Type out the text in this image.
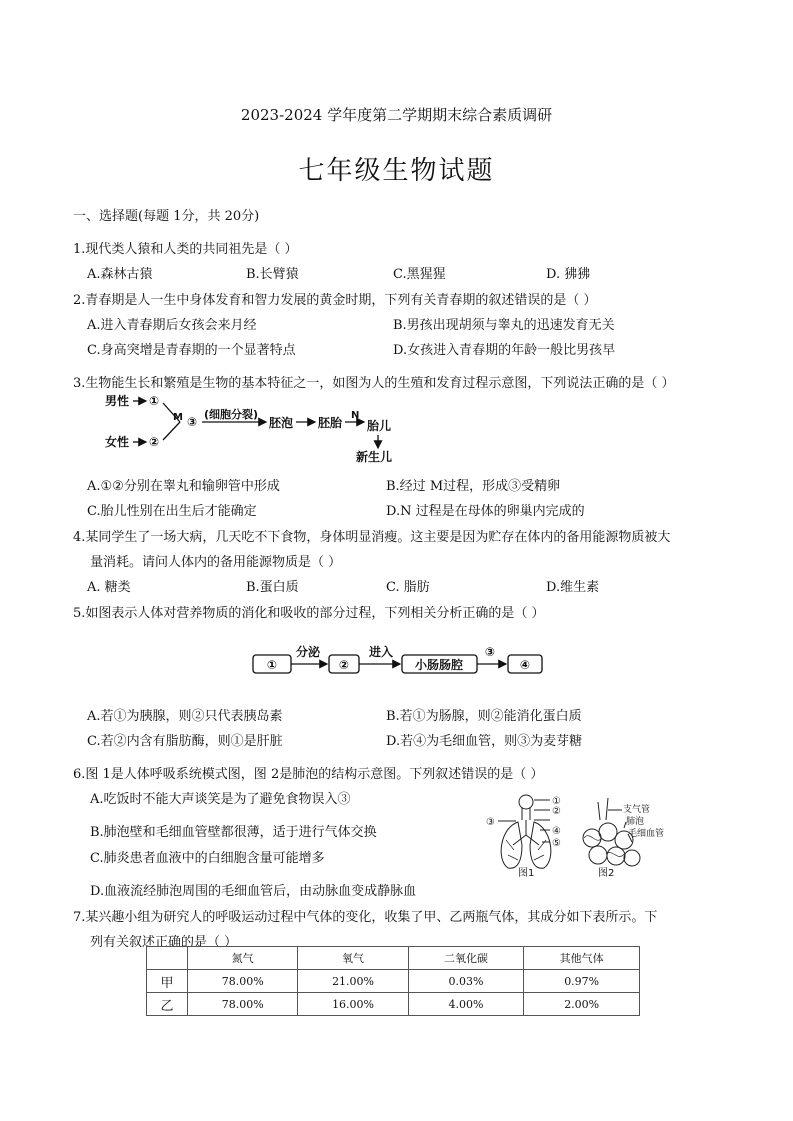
2023-2024 学年度第二学期期末综合素质调研
七年级生物试题
一、选择题(每题 1分，共 20分)
1.现代类人猿和人类的共同祖先是（ ）
A.森林古猿	B.长臂猿	C.黑猩猩	D. 狒狒
2.青春期是人一生中身体发育和智力发展的黄金时期，下列有关青春期的叙述错误的是（ ）
A.进入青春期后女孩会来月经	B.男孩出现胡须与睾丸的迅速发育无关
C.身高突增是青春期的一个显著特点	D.女孩进入青春期的年龄一般比男孩早
3.生物能生长和繁殖是生物的基本特征之一，如图为人的生殖和发育过程示意图，下列说法正确的是（ ）
男性
女性
①
②
M ③
(细胞分裂)
胚泡 胚胎
N
胎儿
新生儿
A.①②分别在睾丸和输卵管中形成	B.经过 M过程，形成③受精卵
C.胎儿性别在出生后才能确定	D.N 过程是在母体的卵巢内完成的
4.某同学生了一场大病，几天吃不下食物，身体明显消瘦。这主要是因为贮存在体内的备用能源物质被大
量消耗。请问人体内的备用能源物质是（ ）
A. 糖类	B.蛋白质	C. 脂肪	D.维生素
5.如图表示人体对营养物质的消化和吸收的部分过程，下列相关分析正确的是（ ）
①	②	小肠肠腔	④
分泌	进入	③
A.若①为胰腺，则②只代表胰岛素	B.若①为肠腺，则②能消化蛋白质
C.若②内含有脂肪酶，则①是肝脏	D.若④为毛细血管，则③为麦芽糖
6.图 1是人体呼吸系统模式图，图 2是肺泡的结构示意图。下列叙述错误的是（ ）
A.吃饭时不能大声谈笑是为了避免食物误入③
B.肺泡壁和毛细血管壁都很薄，适于进行气体交换
C.肺炎患者血液中的白细胞含量可能增多
D.血液流经肺泡周围的毛细血管后，由动脉血变成静脉血
①
②
③
④
⑤
图1
支气管
肺泡
毛细血管
图2
7.某兴趣小组为研究人的呼吸运动过程中气体的变化，收集了甲、乙两瓶气体，其成分如下表所示。下
列有关叙述正确的是（ ）
	氮气	氧气	二氧化碳	其他气体
甲	78.00%	21.00%	0.03%	0.97%
乙	78.00%	16.00%	4.00%	2.00%
